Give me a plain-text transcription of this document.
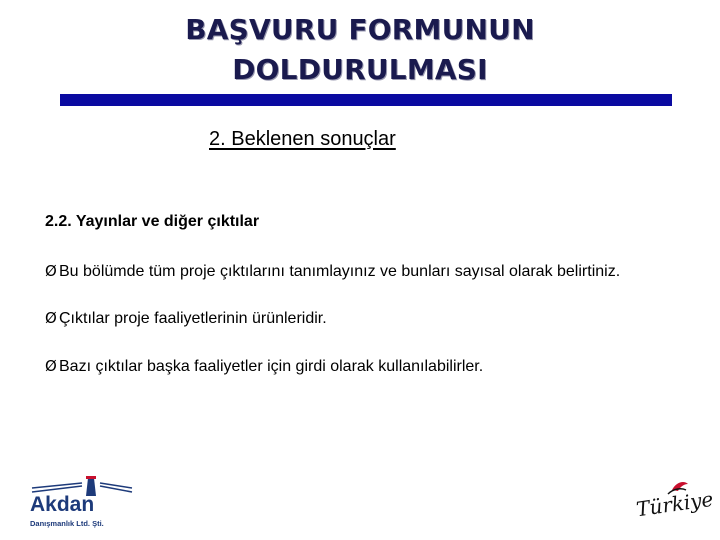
BAŞVURU FORMUNUN
DOLDURULMASI
2. Beklenen sonuçlar
2.2. Yayınlar ve diğer çıktılar
Ø Bu bölümde tüm proje çıktılarını tanımlayınız ve bunları sayısal olarak belirtiniz.
Ø Çıktılar proje faaliyetlerinin ürünleridir.
Ø Bazı çıktılar başka faaliyetler için girdi olarak kullanılabilirler.
Akdan
Danışmanlık Ltd. Şti.
Türkiye
